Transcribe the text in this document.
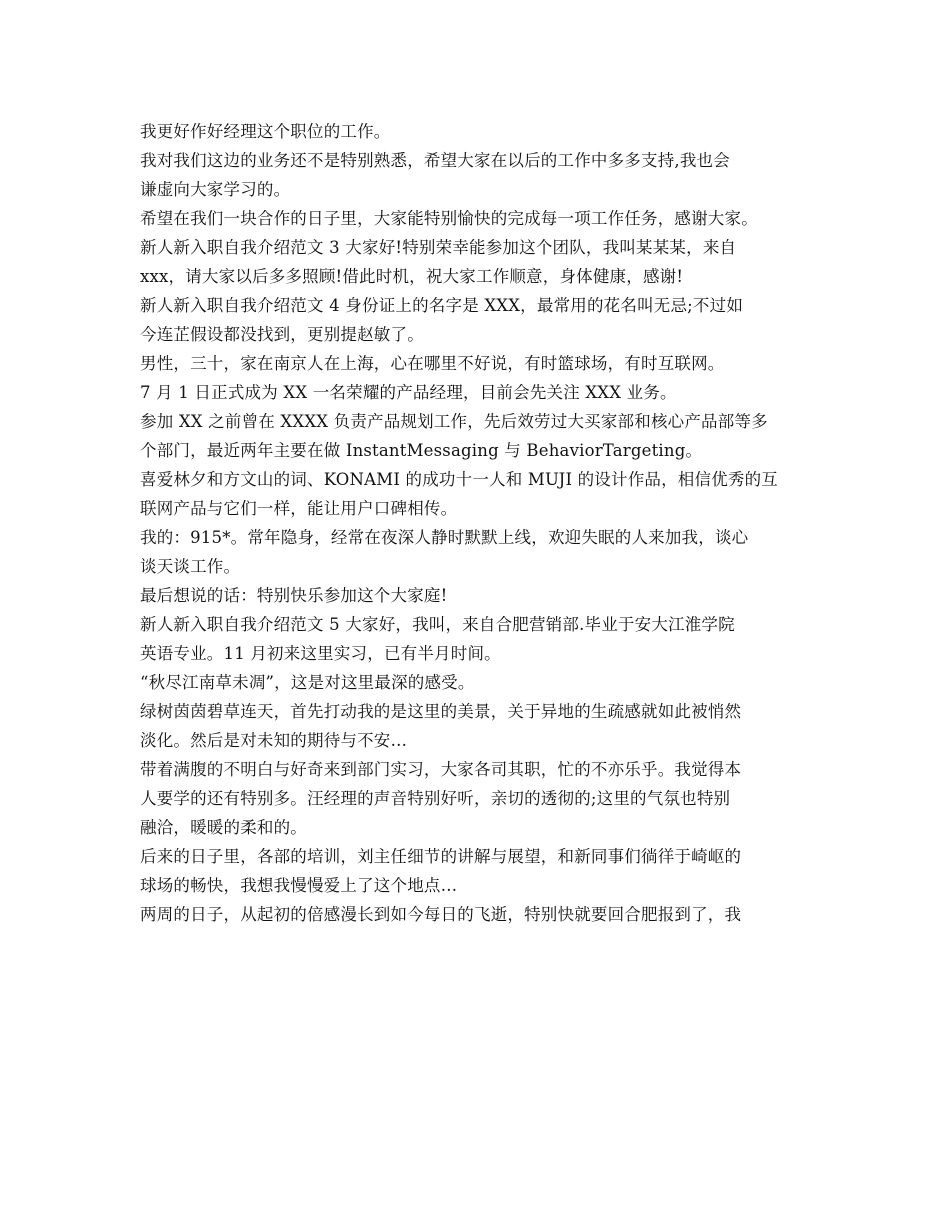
我更好作好经理这个职位的工作。
我对我们这边的业务还不是特别熟悉，希望大家在以后的工作中多多支持,我也会
谦虚向大家学习的。
希望在我们一块合作的日子里，大家能特别愉快的完成每一项工作任务，感谢大家。
新人新入职自我介绍范文 3 大家好!特别荣幸能参加这个团队，我叫某某某，来自
xxx，请大家以后多多照顾!借此时机，祝大家工作顺意，身体健康，感谢!
新人新入职自我介绍范文 4 身份证上的名字是 XXX，最常用的花名叫无忌;不过如
今连芷假设都没找到，更别提赵敏了。
男性，三十，家在南京人在上海，心在哪里不好说，有时篮球场，有时互联网。
7 月 1 日正式成为 XX 一名荣耀的产品经理，目前会先关注 XXX 业务。
参加 XX 之前曾在 XXXX 负责产品规划工作，先后效劳过大买家部和核心产品部等多
个部门，最近两年主要在做 InstantMessaging 与 BehaviorTargeting。
喜爱林夕和方文山的词、KONAMI 的成功十一人和 MUJI 的设计作品，相信优秀的互
联网产品与它们一样，能让用户口碑相传。
我的：915*。常年隐身，经常在夜深人静时默默上线，欢迎失眠的人来加我，谈心
谈天谈工作。
最后想说的话：特别快乐参加这个大家庭!
新人新入职自我介绍范文 5 大家好，我叫，来自合肥营销部.毕业于安大江淮学院
英语专业。11 月初来这里实习，已有半月时间。
“秋尽江南草未凋”，这是对这里最深的感受。
绿树茵茵碧草连天，首先打动我的是这里的美景，关于异地的生疏感就如此被悄然
淡化。然后是对未知的期待与不安…
带着满腹的不明白与好奇来到部门实习，大家各司其职，忙的不亦乐乎。我觉得本
人要学的还有特别多。汪经理的声音特别好听，亲切的透彻的;这里的气氛也特别
融洽，暖暖的柔和的。
后来的日子里，各部的培训，刘主任细节的讲解与展望，和新同事们徜徉于崎岖的
球场的畅快，我想我慢慢爱上了这个地点…
两周的日子，从起初的倍感漫长到如今每日的飞逝，特别快就要回合肥报到了，我
